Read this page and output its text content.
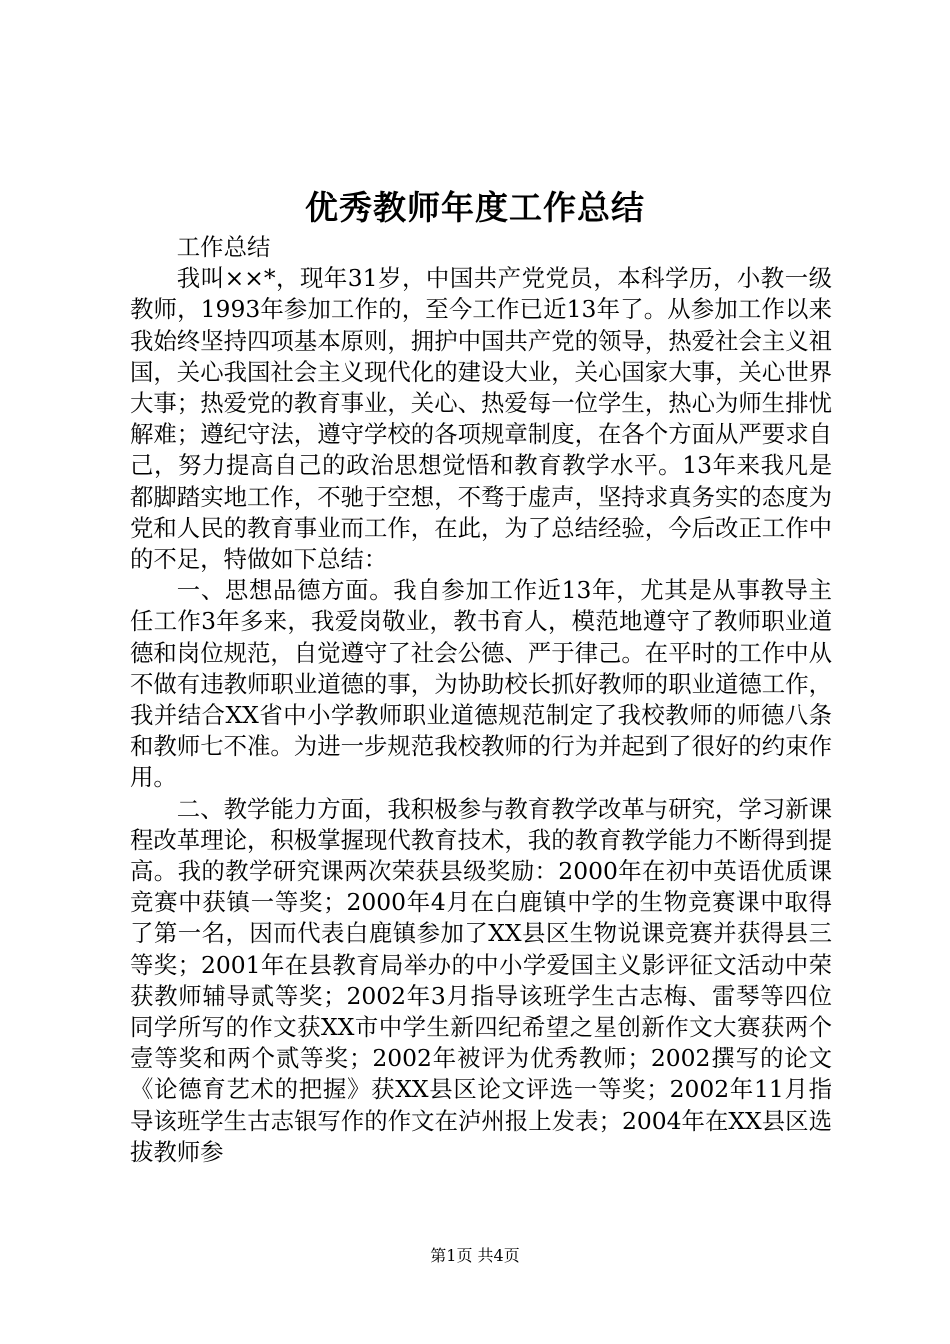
优秀教师年度工作总结

工作总结

我叫××*，现年31岁，中国共产党党员，本科学历，小教一级教师，1993年参加工作的，至今工作已近13年了。从参加工作以来我始终坚持四项基本原则，拥护中国共产党的领导，热爱社会主义祖国，关心我国社会主义现代化的建设大业，关心国家大事，关心世界大事；热爱党的教育事业，关心、热爱每一位学生，热心为师生排忧解难；遵纪守法，遵守学校的各项规章制度，在各个方面从严要求自己，努力提高自己的政治思想觉悟和教育教学水平。13年来我凡是都脚踏实地工作，不驰于空想，不骛于虚声，坚持求真务实的态度为党和人民的教育事业而工作，在此，为了总结经验，今后改正工作中的不足，特做如下总结：

一、思想品德方面。我自参加工作近13年，尤其是从事教导主任工作3年多来，我爱岗敬业，教书育人，模范地遵守了教师职业道德和岗位规范，自觉遵守了社会公德、严于律己。在平时的工作中从不做有违教师职业道德的事，为协助校长抓好教师的职业道德工作，我并结合XX省中小学教师职业道德规范制定了我校教师的师德八条和教师七不准。为进一步规范我校教师的行为并起到了很好的约束作用。

二、教学能力方面，我积极参与教育教学改革与研究，学习新课程改革理论，积极掌握现代教育技术，我的教育教学能力不断得到提高。我的教学研究课两次荣获县级奖励：2000年在初中英语优质课竞赛中获镇一等奖；2000年4月在白鹿镇中学的生物竞赛课中取得了第一名，因而代表白鹿镇参加了XX县区生物说课竞赛并获得县三等奖；2001年在县教育局举办的中小学爱国主义影评征文活动中荣获教师辅导贰等奖；2002年3月指导该班学生古志梅、雷琴等四位同学所写的作文获XX市中学生新四纪希望之星创新作文大赛获两个壹等奖和两个贰等奖；2002年被评为优秀教师；2002撰写的论文《论德育艺术的把握》获XX县区论文评选一等奖；2002年11月指导该班学生古志银写作的作文在泸州报上发表；2004年在XX县区选拔教师参

第1页 共4页
